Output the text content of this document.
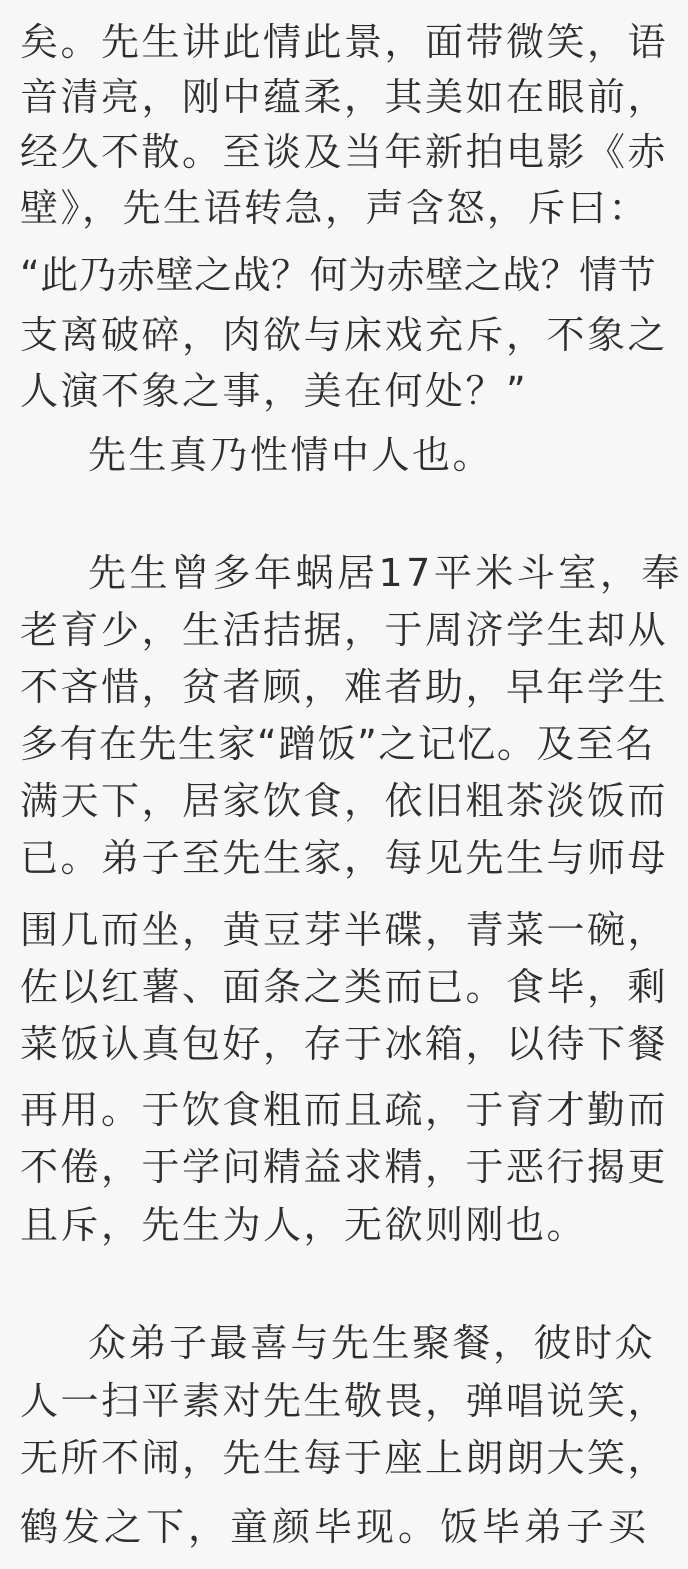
矣。先生讲此情此景，面带微笑，语
音清亮，刚中蕴柔，其美如在眼前，
经久不散。至谈及当年新拍电影《赤
壁》，先生语转急，声含怒，斥曰：
“此乃赤壁之战？何为赤壁之战？情节
支离破碎，肉欲与床戏充斥，不象之
人演不象之事，美在何处？”
先生真乃性情中人也。
先生曾多年蜗居17平米斗室，奉
老育少，生活拮据，于周济学生却从
不吝惜，贫者顾，难者助，早年学生
多有在先生家“蹭饭”之记忆。及至名
满天下，居家饮食，依旧粗茶淡饭而
已。弟子至先生家，每见先生与师母
围几而坐，黄豆芽半碟，青菜一碗，
佐以红薯、面条之类而已。食毕，剩
菜饭认真包好，存于冰箱，以待下餐
再用。于饮食粗而且疏，于育才勤而
不倦，于学问精益求精，于恶行揭更
且斥，先生为人，无欲则刚也。
众弟子最喜与先生聚餐，彼时众
人一扫平素对先生敬畏，弹唱说笑，
无所不闹，先生每于座上朗朗大笑，
鹤发之下，童颜毕现。饭毕弟子买
